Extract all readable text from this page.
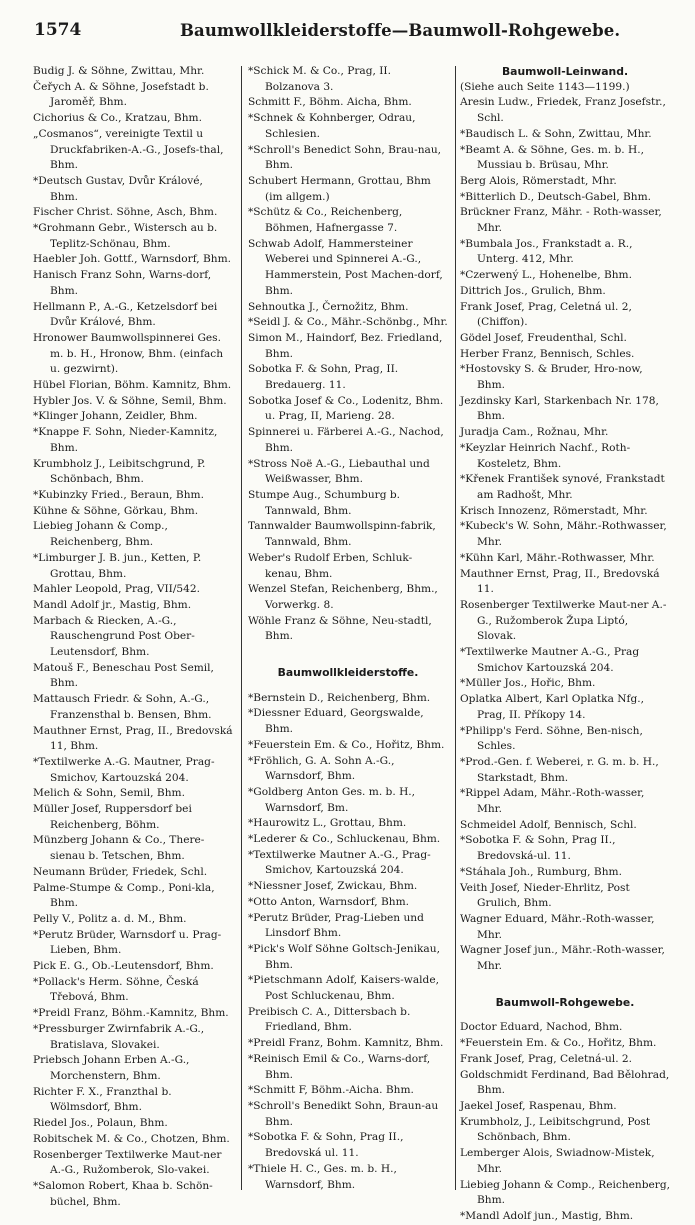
1574	Baumwollkleiderstoffe—Baumwoll-Rohgewebe.
Budig J. & Söhne, Zwittau, Mhr.
Čeřych A. & Söhne, Josefstadt b. Jaroměř, Bhm.
Cichorius & Co., Kratzau, Bhm.
„Cosmanos“, vereinigte Textil u Druckfabriken-A.-G., Josefs-thal, Bhm.
*Deutsch Gustav, Dvůr Králové, Bhm.
Fischer Christ. Söhne, Asch, Bhm.
*Grohmann Gebr., Wistersch au b. Teplitz-Schönau, Bhm.
Haebler Joh. Gottf., Warnsdorf, Bhm.
Hanisch Franz Sohn, Warns-dorf, Bhm.
Hellmann P., A.-G., Ketzelsdorf bei Dvůr Králové, Bhm.
Hronower Baumwollspinnerei Ges. m. b. H., Hronow, Bhm. (einfach u. gezwirnt).
Hübel Florian, Böhm. Kamnitz, Bhm.
Hybler Jos. V. & Söhne, Semil, Bhm.
*Klinger Johann, Zeidler, Bhm.
*Knappe F. Sohn, Nieder-Kamnitz, Bhm.
Krumbholz J., Leibitschgrund, P. Schönbach, Bhm.
*Kubinzky Fried., Beraun, Bhm.
Kühne & Söhne, Görkau, Bhm.
Liebieg Johann & Comp., Reichenberg, Bhm.
*Limburger J. B. jun., Ketten, P. Grottau, Bhm.
Mahler Leopold, Prag, VII/542.
Mandl Adolf jr., Mastig, Bhm.
Marbach & Riecken, A.-G., Rauschengrund Post Ober-Leutensdorf, Bhm.
Matouš F., Beneschau Post Semil, Bhm.
Mattausch Friedr. & Sohn, A.-G., Franzensthal b. Bensen, Bhm.
Mauthner Ernst, Prag, II., Bredovská 11, Bhm.
*Textilwerke A.-G. Mautner, Prag-Smichov, Kartouzská 204.
Melich & Sohn, Semil, Bhm.
Müller Josef, Ruppersdorf bei Reichenberg, Böhm.
Münzberg Johann & Co., There-sienau b. Tetschen, Bhm.
Neumann Brüder, Friedek, Schl.
Palme-Stumpe & Comp., Poni-kla, Bhm.
Pelly V., Politz a. d. M., Bhm.
*Perutz Brüder, Warnsdorf u. Prag-Lieben, Bhm.
Pick E. G., Ob.-Leutensdorf, Bhm.
*Pollack's Herm. Söhne, Česká Třebová, Bhm.
*Preidl Franz, Böhm.-Kamnitz, Bhm.
*Pressburger Zwirnfabrik A.-G., Bratislava, Slovakei.
Priebsch Johann Erben A.-G., Morchenstern, Bhm.
Richter F. X., Franzthal b. Wölmsdorf, Bhm.
Riedel Jos., Polaun, Bhm.
Robitschek M. & Co., Chotzen, Bhm.
Rosenberger Textilwerke Maut-ner A.-G., Ružomberok, Slo-vakei.
*Salomon Robert, Khaa b. Schön-büchel, Bhm.
*Schick M. & Co., Prag, II. Bolzanova 3.
Schmitt F., Böhm. Aicha, Bhm.
*Schnek & Kohnberger, Odrau, Schlesien.
*Schroll's Benedict Sohn, Brau-nau, Bhm.
Schubert Hermann, Grottau, Bhm (im allgem.)
*Schütz & Co., Reichenberg, Böhmen, Hafnergasse 7.
Schwab Adolf, Hammersteiner Weberei und Spinnerei A.-G., Hammerstein, Post Machen-dorf, Bhm.
Sehnoutka J., Černožitz, Bhm.
*Seidl J. & Co., Mähr.-Schönbg., Mhr.
Simon M., Haindorf, Bez. Friedland, Bhm.
Sobotka F. & Sohn, Prag, II. Bredauerg. 11.
Sobotka Josef & Co., Lodenitz, Bhm. u. Prag, II, Marieng. 28.
Spinnerei u. Färberei A.-G., Nachod, Bhm.
*Stross Noë A.-G., Liebauthal und Weißwasser, Bhm.
Stumpe Aug., Schumburg b. Tannwald, Bhm.
Tannwalder Baumwollspinn-fabrik, Tannwald, Bhm.
Weber's Rudolf Erben, Schluk-kenau, Bhm.
Wenzel Stefan, Reichenberg, Bhm., Vorwerkg. 8.
Wöhle Franz & Söhne, Neu-stadtl, Bhm.
Baumwollkleiderstoffe.
*Bernstein D., Reichenberg, Bhm.
*Diessner Eduard, Georgswalde, Bhm.
*Feuerstein Em. & Co., Hořitz, Bhm.
*Fröhlich, G. A. Sohn A.-G., Warnsdorf, Bhm.
*Goldberg Anton Ges. m. b. H., Warnsdorf, Bm.
*Haurowitz L., Grottau, Bhm.
*Lederer & Co., Schluckenau, Bhm.
*Textilwerke Mautner A.-G., Prag-Smichov, Kartouzská 204.
*Niessner Josef, Zwickau, Bhm.
*Otto Anton, Warnsdorf, Bhm.
*Perutz Brüder, Prag-Lieben und Linsdorf Bhm.
*Pick's Wolf Söhne Goltsch-Jenikau, Bhm.
*Pietschmann Adolf, Kaisers-walde, Post Schluckenau, Bhm.
Preibisch C. A., Dittersbach b. Friedland, Bhm.
*Preidl Franz, Bohm. Kamnitz, Bhm.
*Reinisch Emil & Co., Warns-dorf, Bhm.
*Schmitt F, Böhm.-Aicha. Bhm.
*Schroll's Benedikt Sohn, Braun-au Bhm.
*Sobotka F. & Sohn, Prag II., Bredovská ul. 11.
*Thiele H. C., Ges. m. b. H., Warnsdorf, Bhm.
Baumwoll-Leinwand.
(Siehe auch Seite 1143—1199.)
Aresin Ludw., Friedek, Franz Josefstr., Schl.
*Baudisch L. & Sohn, Zwittau, Mhr.
*Beamt A. & Söhne, Ges. m. b. H., Mussiau b. Brüsau, Mhr.
Berg Alois, Römerstadt, Mhr.
*Bitterlich D., Deutsch-Gabel, Bhm.
Brückner Franz, Mähr. - Roth-wasser, Mhr.
*Bumbala Jos., Frankstadt a. R., Unterg. 412, Mhr.
*Czerwený L., Hohenelbe, Bhm.
Dittrich Jos., Grulich, Bhm.
Frank Josef, Prag, Celetná ul. 2, (Chiffon).
Gödel Josef, Freudenthal, Schl.
Herber Franz, Bennisch, Schles.
*Hostovsky S. & Bruder, Hro-now, Bhm.
Jezdinsky Karl, Starkenbach Nr. 178, Bhm.
Juradja Cam., Rožnau, Mhr.
*Keyzlar Heinrich Nachf., Roth-Kosteletz, Bhm.
*Křenek František synové, Frankstadt am Radhošt, Mhr.
Krisch Innozenz, Römerstadt, Mhr.
*Kubeck's W. Sohn, Mähr.-Rothwasser, Mhr.
*Kühn Karl, Mähr.-Rothwasser, Mhr.
Mauthner Ernst, Prag, II., Bredovská 11.
Rosenberger Textilwerke Maut-ner A.-G., Ružomberok Župa Liptó, Slovak.
*Textilwerke Mautner A.-G., Prag Smichov Kartouzská 204.
*Müller Jos., Hořic, Bhm.
Oplatka Albert, Karl Oplatka Nfg., Prag, II. Příkopy 14.
*Philipp's Ferd. Söhne, Ben-nisch, Schles.
*Prod.-Gen. f. Weberei, r. G. m. b. H., Starkstadt, Bhm.
*Rippel Adam, Mähr.-Roth-wasser, Mhr.
Schmeidel Adolf, Bennisch, Schl.
*Sobotka F. & Sohn, Prag II., Bredovská-ul. 11.
*Stáhala Joh., Rumburg, Bhm.
Veith Josef, Nieder-Ehrlitz, Post Grulich, Bhm.
Wagner Eduard, Mähr.-Roth-wasser, Mhr.
Wagner Josef jun., Mähr.-Roth-wasser, Mhr.
Baumwoll-Rohgewebe.
Doctor Eduard, Nachod, Bhm.
*Feuerstein Em. & Co., Hořitz, Bhm.
Frank Josef, Prag, Celetná-ul. 2.
Goldschmidt Ferdinand, Bad Bělohrad, Bhm.
Jaekel Josef, Raspenau, Bhm.
Krumbholz, J., Leibitschgrund, Post Schönbach, Bhm.
Lemberger Alois, Swiadnow-Mistek, Mhr.
Liebieg Johann & Comp., Reichenberg, Bhm.
*Mandl Adolf jun., Mastig, Bhm.
